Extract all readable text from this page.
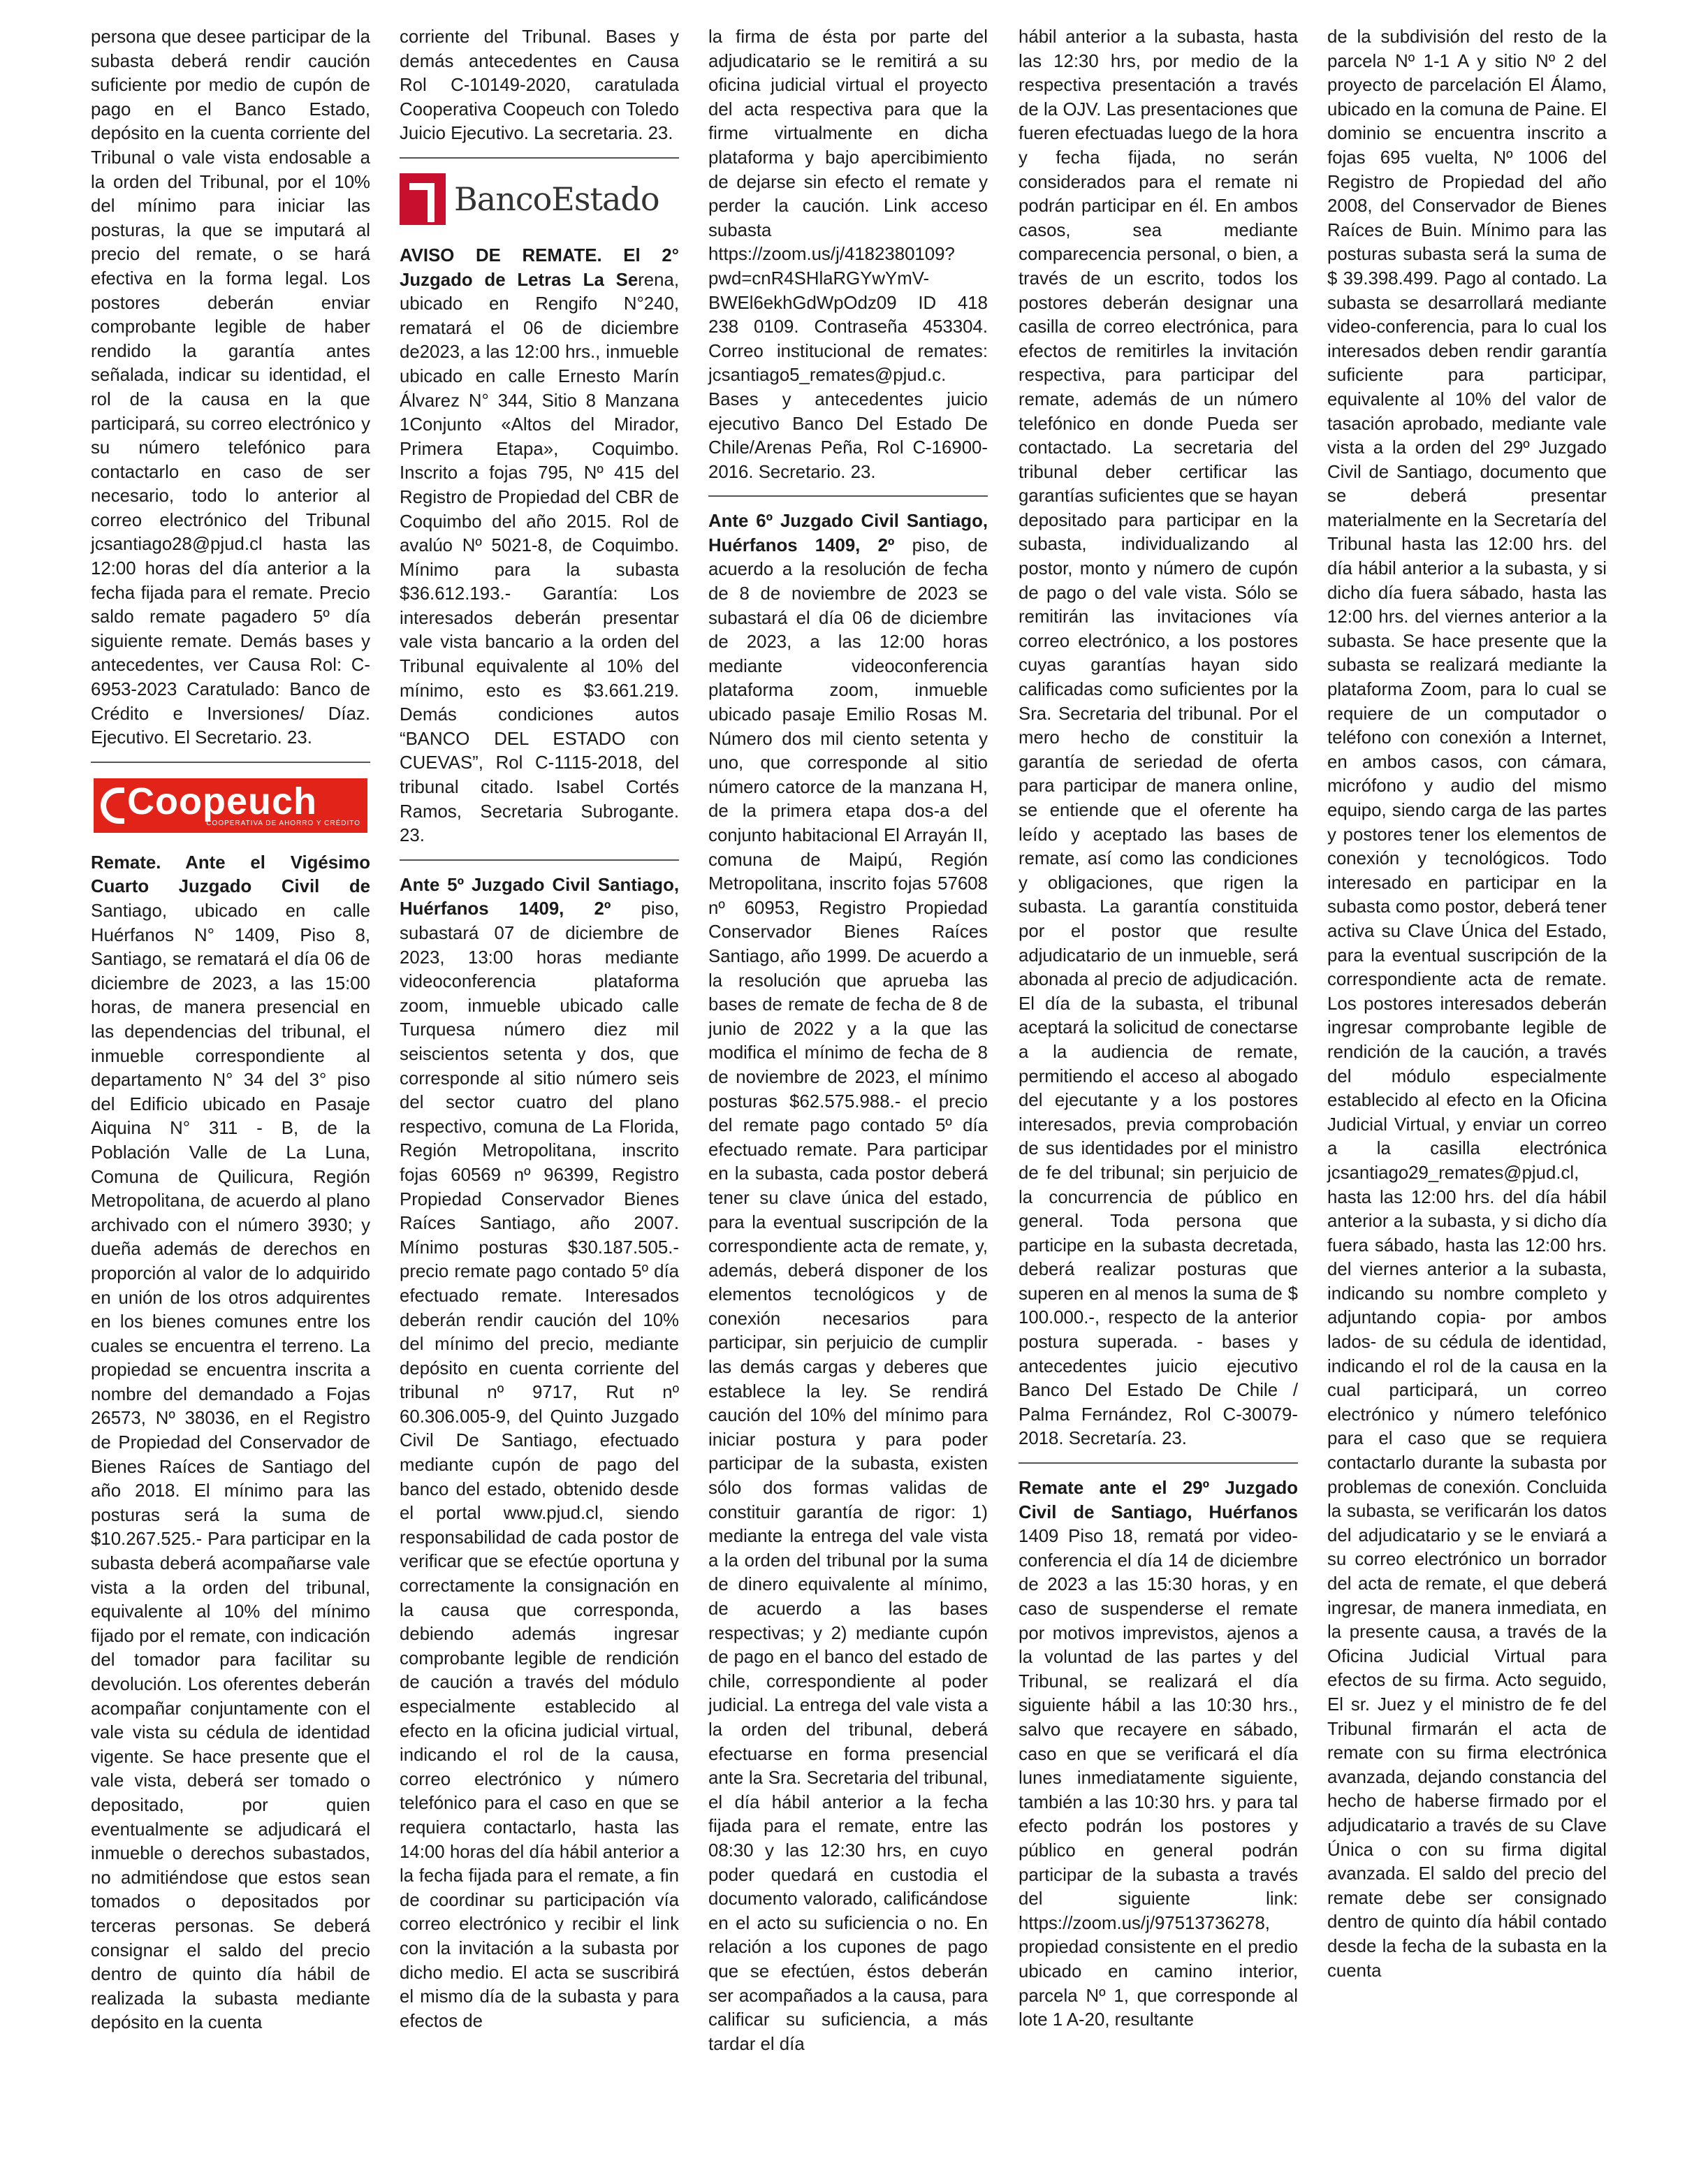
persona que desee participar de la subasta deberá rendir caución suficiente por medio de cupón de pago en el Banco Estado, depósito en la cuenta corriente del Tribunal o vale vista endosable a la orden del Tribunal, por el 10% del mínimo para iniciar las posturas, la que se imputará al precio del remate, o se hará efectiva en la forma legal. Los postores deberán enviar comprobante legible de haber rendido la garantía antes señalada, indicar su identidad, el rol de la causa en la que participará, su correo electrónico y su número telefónico para contactarlo en caso de ser necesario, todo lo anterior al correo electrónico del Tribunal jcsantiago28@pjud.cl hasta las 12:00 horas del día anterior a la fecha fijada para el remate. Precio saldo remate pagadero 5º día siguiente remate. Demás bases y antecedentes, ver Causa Rol: C-6953-2023 Caratulado: Banco de Crédito e Inversiones/ Díaz. Ejecutivo. El Secretario. 23.

Coopeuch
COOPERATIVA DE AHORRO Y CRÉDITO

Remate. Ante el Vigésimo Cuarto Juzgado Civil de Santiago, ubicado en calle Huérfanos N° 1409, Piso 8, Santiago, se rematará el día 06 de diciembre de 2023, a las 15:00 horas, de manera presencial en las dependencias del tribunal, el inmueble correspondiente al departamento N° 34 del 3° piso del Edificio ubicado en Pasaje Aiquina N° 311 - B, de la Población Valle de La Luna, Comuna de Quilicura, Región Metropolitana, de acuerdo al plano archivado con el número 3930; y dueña además de derechos en proporción al valor de lo adquirido en unión de los otros adquirentes en los bienes comunes entre los cuales se encuentra el terreno. La propiedad se encuentra inscrita a nombre del demandado a Fojas 26573, Nº 38036, en el Registro de Propiedad del Conservador de Bienes Raíces de Santiago del año 2018. El mínimo para las posturas será la suma de $10.267.525.- Para participar en la subasta deberá acompañarse vale vista a la orden del tribunal, equivalente al 10% del mínimo fijado por el remate, con indicación del tomador para facilitar su devolución. Los oferentes deberán acompañar conjuntamente con el vale vista su cédula de identidad vigente. Se hace presente que el vale vista, deberá ser tomado o depositado, por quien eventualmente se adjudicará el inmueble o derechos subastados, no admitiéndose que estos sean tomados o depositados por terceras personas. Se deberá consignar el saldo del precio dentro de quinto día hábil de realizada la subasta mediante depósito en la cuenta

corriente del Tribunal. Bases y demás antecedentes en Causa Rol C-10149-2020, caratulada Cooperativa Coopeuch con Toledo Juicio Ejecutivo. La secretaria. 23.

BancoEstado

AVISO DE REMATE. El 2° Juzgado de Letras La Serena, ubicado en Rengifo N°240, rematará el 06 de diciembre de2023, a las 12:00 hrs., inmueble ubicado en calle Ernesto Marín Álvarez N° 344, Sitio 8 Manzana 1Conjunto «Altos del Mirador, Primera Etapa», Coquimbo. Inscrito a fojas 795, Nº 415 del Registro de Propiedad del CBR de Coquimbo del año 2015. Rol de avalúo Nº 5021-8, de Coquimbo. Mínimo para la subasta $36.612.193.- Garantía: Los interesados deberán presentar vale vista bancario a la orden del Tribunal equivalente al 10% del mínimo, esto es $3.661.219. Demás condiciones autos “BANCO DEL ESTADO con CUEVAS”, Rol C-1115-2018, del tribunal citado. Isabel Cortés Ramos, Secretaria Subrogante. 23.

Ante 5º Juzgado Civil Santiago, Huérfanos 1409, 2º piso, subastará 07 de diciembre de 2023, 13:00 horas mediante videoconferencia plataforma zoom, inmueble ubicado calle Turquesa número diez mil seiscientos setenta y dos, que corresponde al sitio número seis del sector cuatro del plano respectivo, comuna de La Florida, Región Metropolitana, inscrito fojas 60569 nº 96399, Registro Propiedad Conservador Bienes Raíces Santiago, año 2007. Mínimo posturas $30.187.505.- precio remate pago contado 5º día efectuado remate. Interesados deberán rendir caución del 10% del mínimo del precio, mediante depósito en cuenta corriente del tribunal nº 9717, Rut nº 60.306.005-9, del Quinto Juzgado Civil De Santiago, efectuado mediante cupón de pago del banco del estado, obtenido desde el portal www.pjud.cl, siendo responsabilidad de cada postor de verificar que se efectúe oportuna y correctamente la consignación en la causa que corresponda, debiendo además ingresar comprobante legible de rendición de caución a través del módulo especialmente establecido al efecto en la oficina judicial virtual, indicando el rol de la causa, correo electrónico y número telefónico para el caso en que se requiera contactarlo, hasta las 14:00 horas del día hábil anterior a la fecha fijada para el remate, a fin de coordinar su participación vía correo electrónico y recibir el link con la invitación a la subasta por dicho medio. El acta se suscribirá el mismo día de la subasta y para efectos de

la firma de ésta por parte del adjudicatario se le remitirá a su oficina judicial virtual el proyecto del acta respectiva para que la firme virtualmente en dicha plataforma y bajo apercibimiento de dejarse sin efecto el remate y perder la caución. Link acceso subasta https://zoom.us/j/4182380109?pwd=cnR4SHlaRGYwYmV-BWEl6ekhGdWpOdz09 ID 418 238 0109. Contraseña 453304. Correo institucional de remates: jcsantiago5_remates@pjud.c. Bases y antecedentes juicio ejecutivo Banco Del Estado De Chile/Arenas Peña, Rol C-16900-2016. Secretario. 23.

Ante 6º Juzgado Civil Santiago, Huérfanos 1409, 2º piso, de acuerdo a la resolución de fecha de 8 de noviembre de 2023 se subastará el día 06 de diciembre de 2023, a las 12:00 horas mediante videoconferencia plataforma zoom, inmueble ubicado pasaje Emilio Rosas M. Número dos mil ciento setenta y uno, que corresponde al sitio número catorce de la manzana H, de la primera etapa dos-a del conjunto habitacional El Arrayán II, comuna de Maipú, Región Metropolitana, inscrito fojas 57608 nº 60953, Registro Propiedad Conservador Bienes Raíces Santiago, año 1999. De acuerdo a la resolución que aprueba las bases de remate de fecha de 8 de junio de 2022 y a la que las modifica el mínimo de fecha de 8 de noviembre de 2023, el mínimo posturas $62.575.988.- el precio del remate pago contado 5º día efectuado remate. Para participar en la subasta, cada postor deberá tener su clave única del estado, para la eventual suscripción de la correspondiente acta de remate, y, además, deberá disponer de los elementos tecnológicos y de conexión necesarios para participar, sin perjuicio de cumplir las demás cargas y deberes que establece la ley. Se rendirá caución del 10% del mínimo para iniciar postura y para poder participar de la subasta, existen sólo dos formas validas de constituir garantía de rigor: 1) mediante la entrega del vale vista a la orden del tribunal por la suma de dinero equivalente al mínimo, de acuerdo a las bases respectivas; y 2) mediante cupón de pago en el banco del estado de chile, correspondiente al poder judicial. La entrega del vale vista a la orden del tribunal, deberá efectuarse en forma presencial ante la Sra. Secretaria del tribunal, el día hábil anterior a la fecha fijada para el remate, entre las 08:30 y las 12:30 hrs, en cuyo poder quedará en custodia el documento valorado, calificándose en el acto su suficiencia o no. En relación a los cupones de pago que se efectúen, éstos deberán ser acompañados a la causa, para calificar su suficiencia, a más tardar el día

hábil anterior a la subasta, hasta las 12:30 hrs, por medio de la respectiva presentación a través de la OJV. Las presentaciones que fueren efectuadas luego de la hora y fecha fijada, no serán considerados para el remate ni podrán participar en él. En ambos casos, sea mediante comparecencia personal, o bien, a través de un escrito, todos los postores deberán designar una casilla de correo electrónica, para efectos de remitirles la invitación respectiva, para participar del remate, además de un número telefónico en donde Pueda ser contactado. La secretaria del tribunal deber certificar las garantías suficientes que se hayan depositado para participar en la subasta, individualizando al postor, monto y número de cupón de pago o del vale vista. Sólo se remitirán las invitaciones vía correo electrónico, a los postores cuyas garantías hayan sido calificadas como suficientes por la Sra. Secretaria del tribunal. Por el mero hecho de constituir la garantía de seriedad de oferta para participar de manera online, se entiende que el oferente ha leído y aceptado las bases de remate, así como las condiciones y obligaciones, que rigen la subasta. La garantía constituida por el postor que resulte adjudicatario de un inmueble, será abonada al precio de adjudicación. El día de la subasta, el tribunal aceptará la solicitud de conectarse a la audiencia de remate, permitiendo el acceso al abogado del ejecutante y a los postores interesados, previa comprobación de sus identidades por el ministro de fe del tribunal; sin perjuicio de la concurrencia de público en general. Toda persona que participe en la subasta decretada, deberá realizar posturas que superen en al menos la suma de $ 100.000.-, respecto de la anterior postura superada. - bases y antecedentes juicio ejecutivo Banco Del Estado De Chile / Palma Fernández, Rol C-30079-2018. Secretaría. 23.

Remate ante el 29º Juzgado Civil de Santiago, Huérfanos 1409 Piso 18, rematá por video-conferencia el día 14 de diciembre de 2023 a las 15:30 horas, y en caso de suspenderse el remate por motivos imprevistos, ajenos a la voluntad de las partes y del Tribunal, se realizará el día siguiente hábil a las 10:30 hrs., salvo que recayere en sábado, caso en que se verificará el día lunes inmediatamente siguiente, también a las 10:30 hrs. y para tal efecto podrán los postores y público en general podrán participar de la subasta a través del siguiente link: https://zoom.us/j/97513736278, propiedad consistente en el predio ubicado en camino interior, parcela Nº 1, que corresponde al lote 1 A-20, resultante

de la subdivisión del resto de la parcela Nº 1-1 A y sitio Nº 2 del proyecto de parcelación El Álamo, ubicado en la comuna de Paine. El dominio se encuentra inscrito a fojas 695 vuelta, Nº 1006 del Registro de Propiedad del año 2008, del Conservador de Bienes Raíces de Buin. Mínimo para las posturas subasta será la suma de $ 39.398.499. Pago al contado. La subasta se desarrollará mediante video-conferencia, para lo cual los interesados deben rendir garantía suficiente para participar, equivalente al 10% del valor de tasación aprobado, mediante vale vista a la orden del 29º Juzgado Civil de Santiago, documento que se deberá presentar materialmente en la Secretaría del Tribunal hasta las 12:00 hrs. del día hábil anterior a la subasta, y si dicho día fuera sábado, hasta las 12:00 hrs. del viernes anterior a la subasta. Se hace presente que la subasta se realizará mediante la plataforma Zoom, para lo cual se requiere de un computador o teléfono con conexión a Internet, en ambos casos, con cámara, micrófono y audio del mismo equipo, siendo carga de las partes y postores tener los elementos de conexión y tecnológicos. Todo interesado en participar en la subasta como postor, deberá tener activa su Clave Única del Estado, para la eventual suscripción de la correspondiente acta de remate. Los postores interesados deberán ingresar comprobante legible de rendición de la caución, a través del módulo especialmente establecido al efecto en la Oficina Judicial Virtual, y enviar un correo a la casilla electrónica jcsantiago29_remates@pjud.cl, hasta las 12:00 hrs. del día hábil anterior a la subasta, y si dicho día fuera sábado, hasta las 12:00 hrs. del viernes anterior a la subasta, indicando su nombre completo y adjuntando copia- por ambos lados- de su cédula de identidad, indicando el rol de la causa en la cual participará, un correo electrónico y número telefónico para el caso que se requiera contactarlo durante la subasta por problemas de conexión. Concluida la subasta, se verificarán los datos del adjudicatario y se le enviará a su correo electrónico un borrador del acta de remate, el que deberá ingresar, de manera inmediata, en la presente causa, a través de la Oficina Judicial Virtual para efectos de su firma. Acto seguido, El sr. Juez y el ministro de fe del Tribunal firmarán el acta de remate con su firma electrónica avanzada, dejando constancia del hecho de haberse firmado por el adjudicatario a través de su Clave Única o con su firma digital avanzada. El saldo del precio del remate debe ser consignado dentro de quinto día hábil contado desde la fecha de la subasta en la cuenta
